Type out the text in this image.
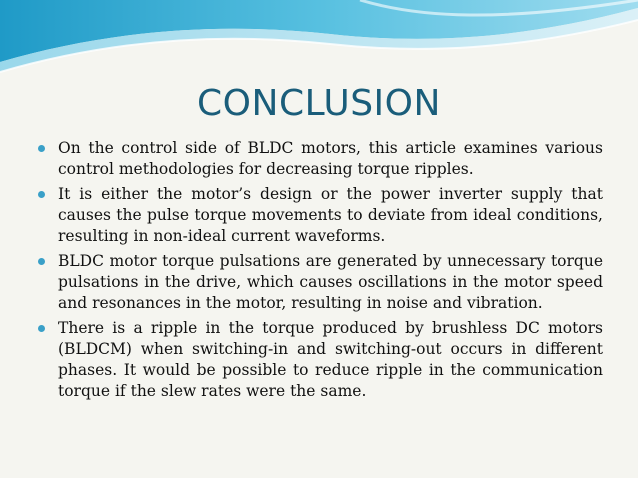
CONCLUSION
On the control side of BLDC motors, this article examines various control methodologies for decreasing torque ripples.
It is either the motor’s design or the power inverter supply that causes the pulse torque movements to deviate from ideal conditions, resulting in non-ideal current waveforms.
BLDC motor torque pulsations are generated by unnecessary torque pulsations in the drive, which causes oscillations in the motor speed and resonances in the motor, resulting in noise and vibration.
There is a ripple in the torque produced by brushless DC motors (BLDCM) when switching-in and switching-out occurs in different phases. It would be possible to reduce ripple in the communication torque if the slew rates were the same.
